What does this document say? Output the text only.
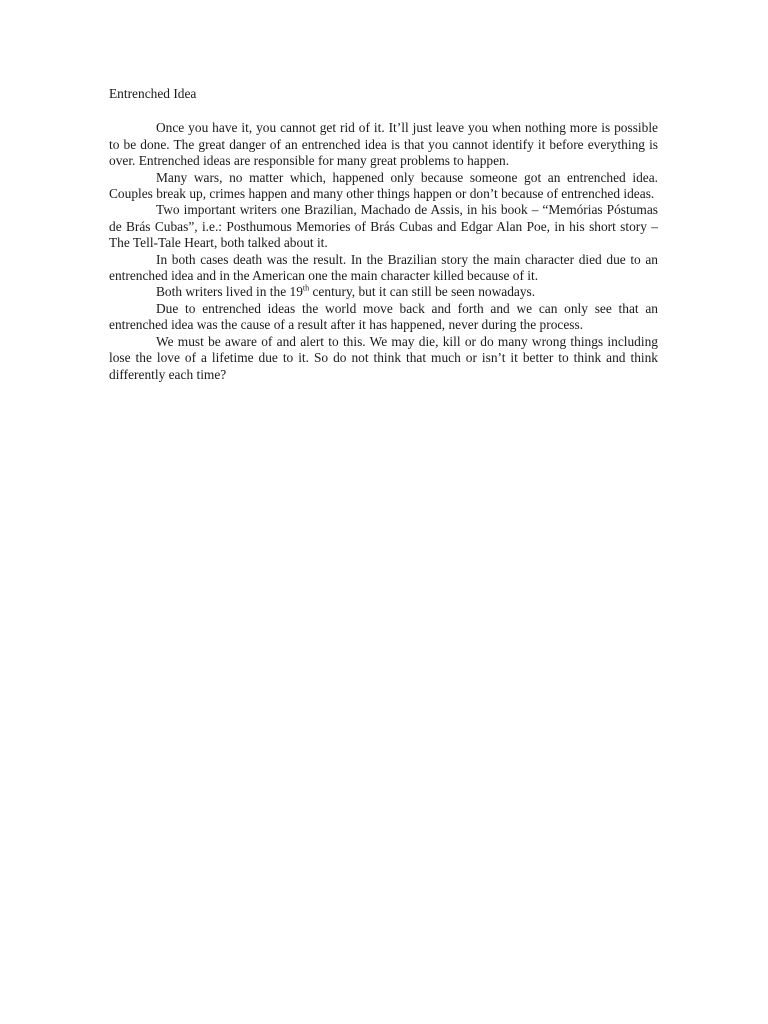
Entrenched Idea

Once you have it, you cannot get rid of it. It’ll just leave you when nothing more is possible to be done. The great danger of an entrenched idea is that you cannot identify it before everything is over. Entrenched ideas are responsible for many great problems to happen.

Many wars, no matter which, happened only because someone got an entrenched idea. Couples break up, crimes happen and many other things happen or don’t because of entrenched ideas.

Two important writers one Brazilian, Machado de Assis, in his book – “Memórias Póstumas de Brás Cubas”, i.e.: Posthumous Memories of Brás Cubas and Edgar Alan Poe, in his short story – The Tell-Tale Heart, both talked about it.

In both cases death was the result. In the Brazilian story the main character died due to an entrenched idea and in the American one the main character killed because of it.

Both writers lived in the 19th century, but it can still be seen nowadays.

Due to entrenched ideas the world move back and forth and we can only see that an entrenched idea was the cause of a result after it has happened, never during the process.

We must be aware of and alert to this. We may die, kill or do many wrong things including lose the love of a lifetime due to it. So do not think that much or isn’t it better to think and think differently each time?
